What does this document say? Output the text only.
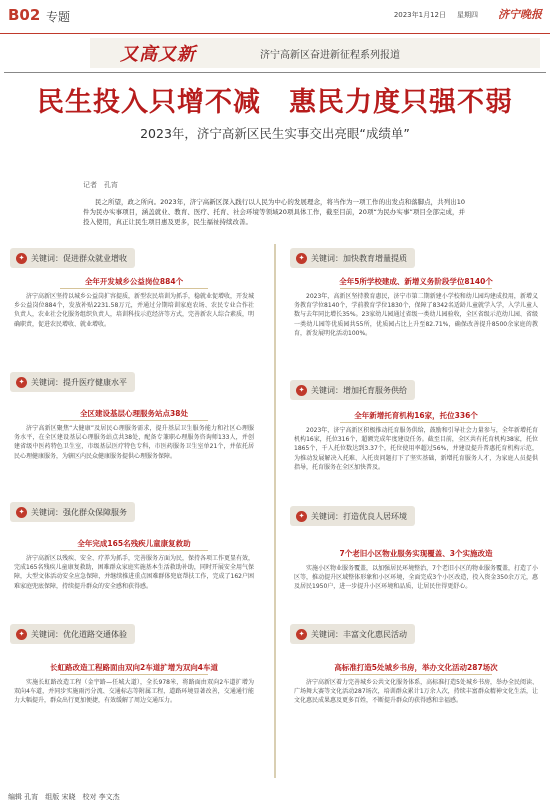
B02 专题	2023年1月12日 星期四 济宁晚报
又高又新	济宁高新区奋进新征程系列报道
民生投入只增不减　惠民力度只强不弱
2023年，济宁高新区民生实事交出亮眼“成绩单”
记者　孔宵
民之所望，政之所向。2023年，济宁高新区深入践行以人民为中心的发展理念，将当作为一项工作的出发点和落脚点，共列出10件为民办实事项目，涵盖就业、教育、医疗、托育、社会环境等领域20项具体工作，截至目前，20项“为民办实事”项目全部完成，并投入使用，真正让民生项目惠及更多，民生福祉持续改善。
✦ 关键词：促进群众就业增收
全年开发城乡公益岗位884个
济宁高新区坚持以城乡公益岗扩容提质，新型农民培训为抓手，稳就业促增收，开发城乡公益岗位884个，发放补贴2231.58万元，并通过分期培训家庭农场、农民专业合作社负责人，农业社会化服务组织负责人，培训科技示范经济等方式，完善新农人综合素质，明确职责，促进农民增收、就业增收。
✦ 关键词：加快教育增量提质
全年5所学校建成、新增义务阶段学位8140个
2023年，高新区坚持教育惠民，济宁市第二期新建小学校和幼儿园均建成投用，新增义务教育学位8140个，学前教育学位1830个，保障了8342名适龄儿童就学入学，入学儿童人数与去年同比增长35%。23家幼儿园通过省级一类幼儿园验收，全区省级示范幼儿园、省级一类幼儿园等优质园共55所，优质园占比上升至82.71%，确保改善提升8500余家庭的教育，新发展明化活动100%。
✦ 关键词：提升医疗健康水平
全区建设基层心理服务站点38处
济宁高新区聚焦“大健康”及居民心理服务需求，提升基层卫生服务能力和社区心理服务水平，在全区建设基层心理服务站点共38处，配备专兼职心理服务咨询师133人，并创建省级中医药特色卫生室，市级基层医疗特色专科，市医药服务卫生室单21个，并依托居民心理健康服务，为辖区内民众健康服务提供心理服务保障。
✦ 关键词：增加托育服务供给
全年新增托育机构16家，托位336个
2023年，济宁高新区积极推动托育服务供给，鼓励和引导社会力量参与，全年新增托育机构16家，托位316个，超额完成年度建设任务。截至目前，全区共有托育机构38家，托位1865个，千人托位数达到3.37个，托位使用率超过56%，并建设提升普惠托育机构示范，为推动发展解决入托难、入托贵问题打下了坚实基础，新增托育服务人才，为家庭人员提供指导，托育服务在全区加快普及。
✦ 关键词：强化群众保障服务
全年完成165名残疾儿童康复救助
济宁高新区以残疾、安全、疗养为抓手，完善服务方面为民，保持各项工作更显有效，完成165名残疾儿童康复救助，困难群众家庭实施基本生活救助补助，同时开展安全用气保障，大型文体活动安全应急保障，并继续推进重点困难群体兜底帮扶工作，完成了162户困难家庭兜底保障，持续提升群众的安全感和获得感。
✦ 关键词：打造优良人居环境
7个老旧小区物业服务实现覆盖、3个实施改造
实施小区物业服务覆盖，以加强居民环境整治，7个老旧小区的物业服务覆盖，打造了小区等，推动提升区域整体形象和小区环境，全面完成3个小区改造，投入资金350余万元，惠及居民1950户，进一步提升小区环境和品质，让居民住得更舒心。
✦ 关键词：优化道路交通体验
长虹路改造工程路面由双向2车道扩增为双向4车道
实施长虹路改造工程（金宇路—任城大道），全长978米，将路面由双向2车道扩增为双向4车道，并同步实施雨污分流、交通标志等附属工程，道路环境显著改善，交通通行能力大幅提升，群众出行更加便捷，有效缓解了周边交通压力。
✦ 关键词：丰富文化惠民活动
高标准打造5处城乡书房，举办文化活动287场次
济宁高新区着力完善城乡公共文化服务体系，高标准打造5处城乡书房，举办全民阅读、广场舞大赛等文化活动287场次，培训群众累计1万余人次，持续丰富群众精神文化生活，让文化惠民成果惠及更多百姓，不断提升群众的获得感和幸福感。
编辑 孔宵　组版 宋晓　校对 李文杰
